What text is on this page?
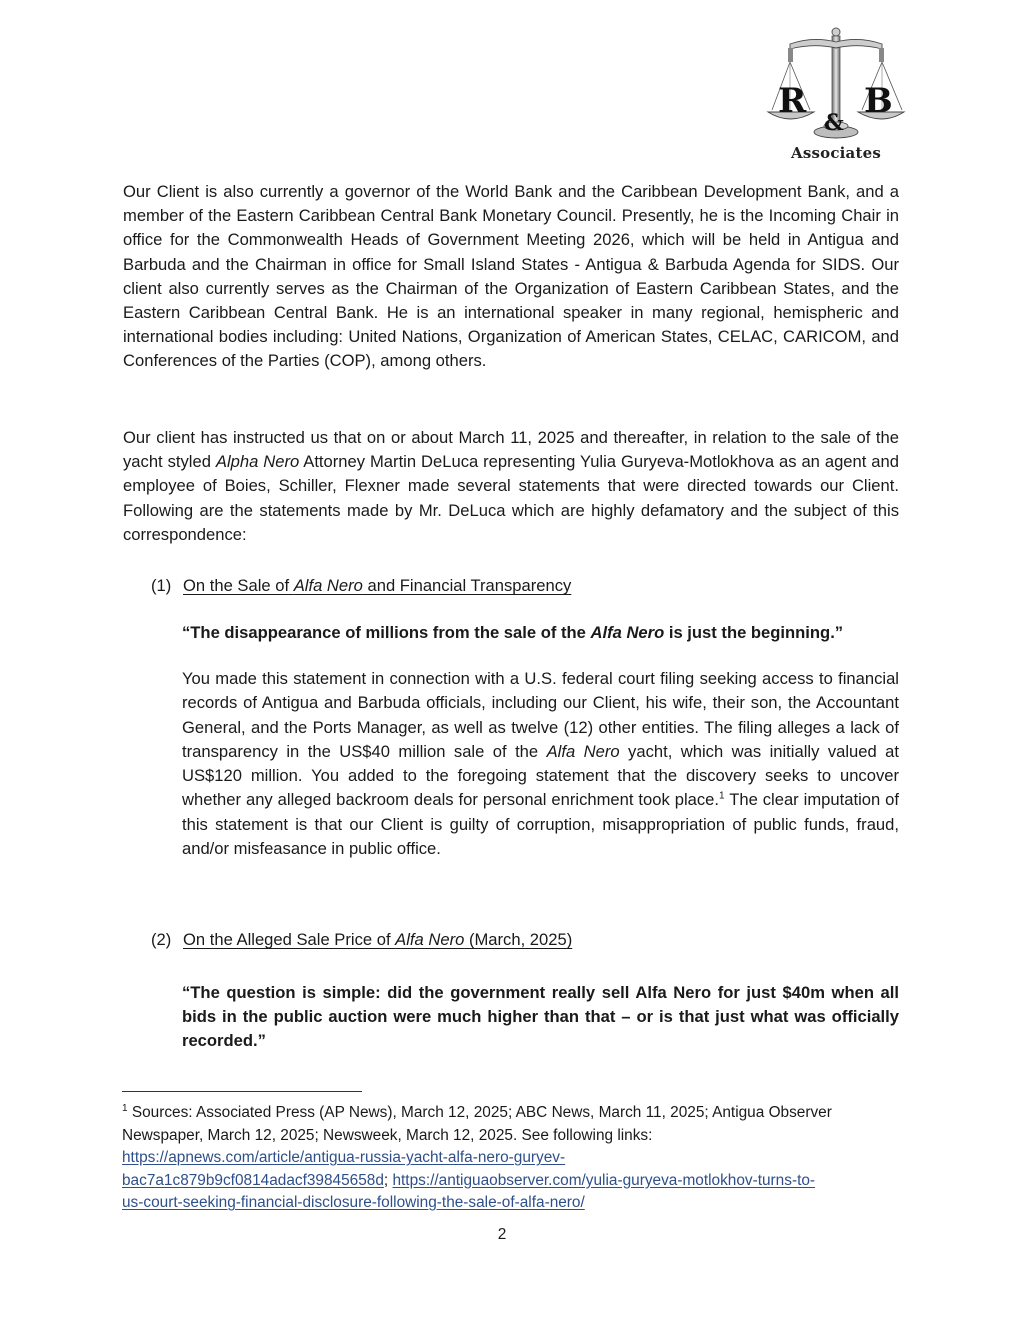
R
&
B
Associates
Our Client is also currently a governor of the World Bank and the Caribbean Development Bank, and a member of the Eastern Caribbean Central Bank Monetary Council. Presently, he is the Incoming Chair in office for the Commonwealth Heads of Government Meeting 2026, which will be held in Antigua and Barbuda and the Chairman in office for Small Island States - Antigua & Barbuda Agenda for SIDS. Our client also currently serves as the Chairman of the Organization of Eastern Caribbean States, and the Eastern Caribbean Central Bank. He is an international speaker in many regional, hemispheric and international bodies including: United Nations, Organization of American States, CELAC, CARICOM, and Conferences of the Parties (COP), among others.
Our client has instructed us that on or about March 11, 2025 and thereafter, in relation to the sale of the yacht styled Alpha Nero Attorney Martin DeLuca representing Yulia Guryeva-Motlokhova as an agent and employee of Boies, Schiller, Flexner made several statements that were directed towards our Client. Following are the statements made by Mr. DeLuca which are highly defamatory and the subject of this correspondence:
(1) On the Sale of Alfa Nero and Financial Transparency
“The disappearance of millions from the sale of the Alfa Nero is just the beginning.”
You made this statement in connection with a U.S. federal court filing seeking access to financial records of Antigua and Barbuda officials, including our Client, his wife, their son, the Accountant General, and the Ports Manager, as well as twelve (12) other entities. The filing alleges a lack of transparency in the US$40 million sale of the Alfa Nero yacht, which was initially valued at US$120 million. You added to the foregoing statement that the discovery seeks to uncover whether any alleged backroom deals for personal enrichment took place.$^1$ The clear imputation of this statement is that our Client is guilty of corruption, misappropriation of public funds, fraud, and/or misfeasance in public office.
(2) On the Alleged Sale Price of Alfa Nero (March, 2025)
“The question is simple: did the government really sell Alfa Nero for just $40m when all bids in the public auction were much higher than that – or is that just what was officially recorded.”
$^1$ Sources: Associated Press (AP News), March 12, 2025; ABC News, March 11, 2025; Antigua Observer Newspaper, March 12, 2025; Newsweek, March 12, 2025. See following links:
https://apnews.com/article/antigua-russia-yacht-alfa-nero-guryev-
bac7a1c879b9cf0814adacf39845658d; https://antiguaobserver.com/yulia-guryeva-motlokhov-turns-to-
us-court-seeking-financial-disclosure-following-the-sale-of-alfa-nero/
2
